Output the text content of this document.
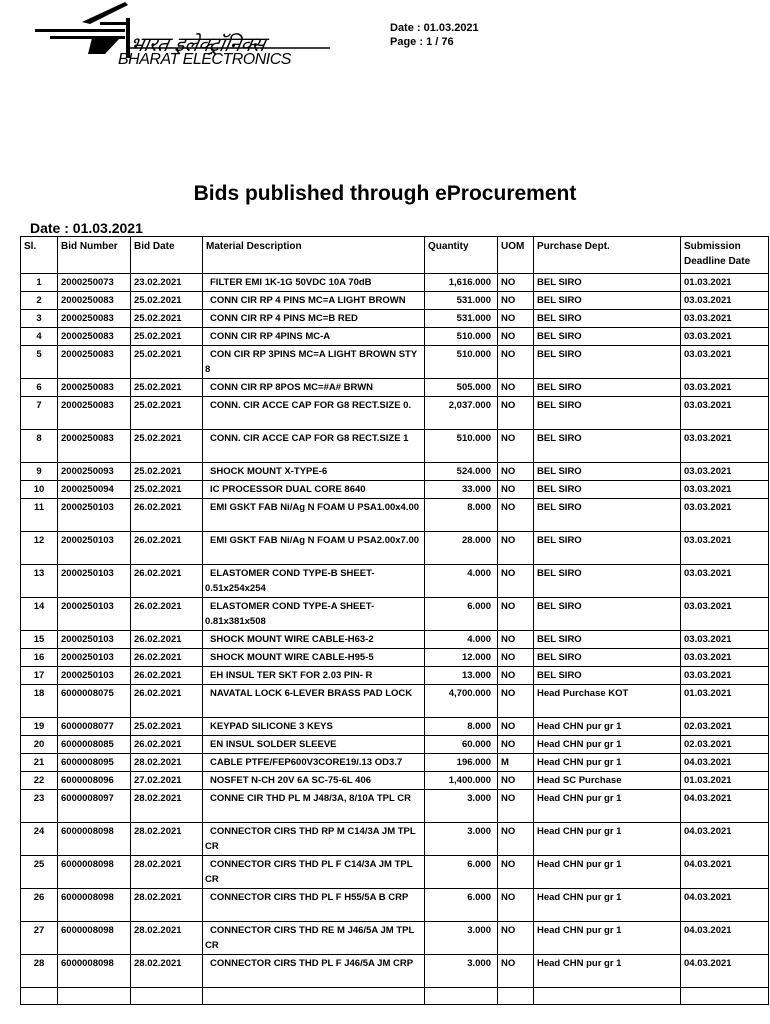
भारत इलेक्ट्रॉनिक्स
BHARAT ELECTRONICS
Date : 01.03.2021
Page : 1 / 76
Bids published through eProcurement
Date : 01.03.2021
Sl.	Bid Number	Bid Date	Material Description	Quantity	UOM	Purchase Dept.	Submission Deadline Date
1	2000250073	23.02.2021	FILTER EMI 1K-1G 50VDC 10A 70dB	1,616.000	NO	BEL SIRO	01.03.2021
2	2000250083	25.02.2021	CONN CIR RP 4 PINS MC=A LIGHT BROWN	531.000	NO	BEL SIRO	03.03.2021
3	2000250083	25.02.2021	CONN CIR RP 4 PINS MC=B RED	531.000	NO	BEL SIRO	03.03.2021
4	2000250083	25.02.2021	CONN CIR RP 4PINS MC-A	510.000	NO	BEL SIRO	03.03.2021
5	2000250083	25.02.2021	CON CIR RP 3PINS MC=A LIGHT BROWN STY 8	510.000	NO	BEL SIRO	03.03.2021
6	2000250083	25.02.2021	CONN CIR RP 8POS MC=#A# BRWN	505.000	NO	BEL SIRO	03.03.2021
7	2000250083	25.02.2021	CONN. CIR ACCE CAP FOR G8 RECT.SIZE 0.	2,037.000	NO	BEL SIRO	03.03.2021
8	2000250083	25.02.2021	CONN. CIR ACCE CAP FOR G8 RECT.SIZE 1	510.000	NO	BEL SIRO	03.03.2021
9	2000250093	25.02.2021	SHOCK MOUNT X-TYPE-6	524.000	NO	BEL SIRO	03.03.2021
10	2000250094	25.02.2021	IC PROCESSOR DUAL CORE 8640	33.000	NO	BEL SIRO	03.03.2021
11	2000250103	26.02.2021	EMI GSKT FAB Ni/Ag N FOAM U PSA1.00x4.00	8.000	NO	BEL SIRO	03.03.2021
12	2000250103	26.02.2021	EMI GSKT FAB Ni/Ag N FOAM U PSA2.00x7.00	28.000	NO	BEL SIRO	03.03.2021
13	2000250103	26.02.2021	ELASTOMER COND TYPE-B SHEET-0.51x254x254	4.000	NO	BEL SIRO	03.03.2021
14	2000250103	26.02.2021	ELASTOMER COND TYPE-A SHEET-0.81x381x508	6.000	NO	BEL SIRO	03.03.2021
15	2000250103	26.02.2021	SHOCK MOUNT WIRE CABLE-H63-2	4.000	NO	BEL SIRO	03.03.2021
16	2000250103	26.02.2021	SHOCK MOUNT WIRE CABLE-H95-5	12.000	NO	BEL SIRO	03.03.2021
17	2000250103	26.02.2021	EH INSUL TER SKT FOR 2.03 PIN- R	13.000	NO	BEL SIRO	03.03.2021
18	6000008075	26.02.2021	NAVATAL LOCK 6-LEVER BRASS PAD LOCK	4,700.000	NO	Head Purchase KOT	01.03.2021
19	6000008077	25.02.2021	KEYPAD SILICONE 3 KEYS	8.000	NO	Head CHN pur gr 1	02.03.2021
20	6000008085	26.02.2021	EN INSUL SOLDER SLEEVE	60.000	NO	Head CHN pur gr 1	02.03.2021
21	6000008095	28.02.2021	CABLE PTFE/FEP600V3CORE19/.13 OD3.7	196.000	M	Head CHN pur gr 1	04.03.2021
22	6000008096	27.02.2021	NOSFET N-CH 20V 6A SC-75-6L 406	1,400.000	NO	Head SC Purchase	01.03.2021
23	6000008097	28.02.2021	CONNE CIR THD PL M J48/3A, 8/10A TPL CR	3.000	NO	Head CHN pur gr 1	04.03.2021
24	6000008098	28.02.2021	CONNECTOR CIRS THD RP M C14/3A JM TPL CR	3.000	NO	Head CHN pur gr 1	04.03.2021
25	6000008098	28.02.2021	CONNECTOR CIRS THD PL F C14/3A JM TPL CR	6.000	NO	Head CHN pur gr 1	04.03.2021
26	6000008098	28.02.2021	CONNECTOR CIRS THD PL F H55/5A B CRP	6.000	NO	Head CHN pur gr 1	04.03.2021
27	6000008098	28.02.2021	CONNECTOR CIRS THD RE M J46/5A JM TPL CR	3.000	NO	Head CHN pur gr 1	04.03.2021
28	6000008098	28.02.2021	CONNECTOR CIRS THD PL F J46/5A JM CRP	3.000	NO	Head CHN pur gr 1	04.03.2021
